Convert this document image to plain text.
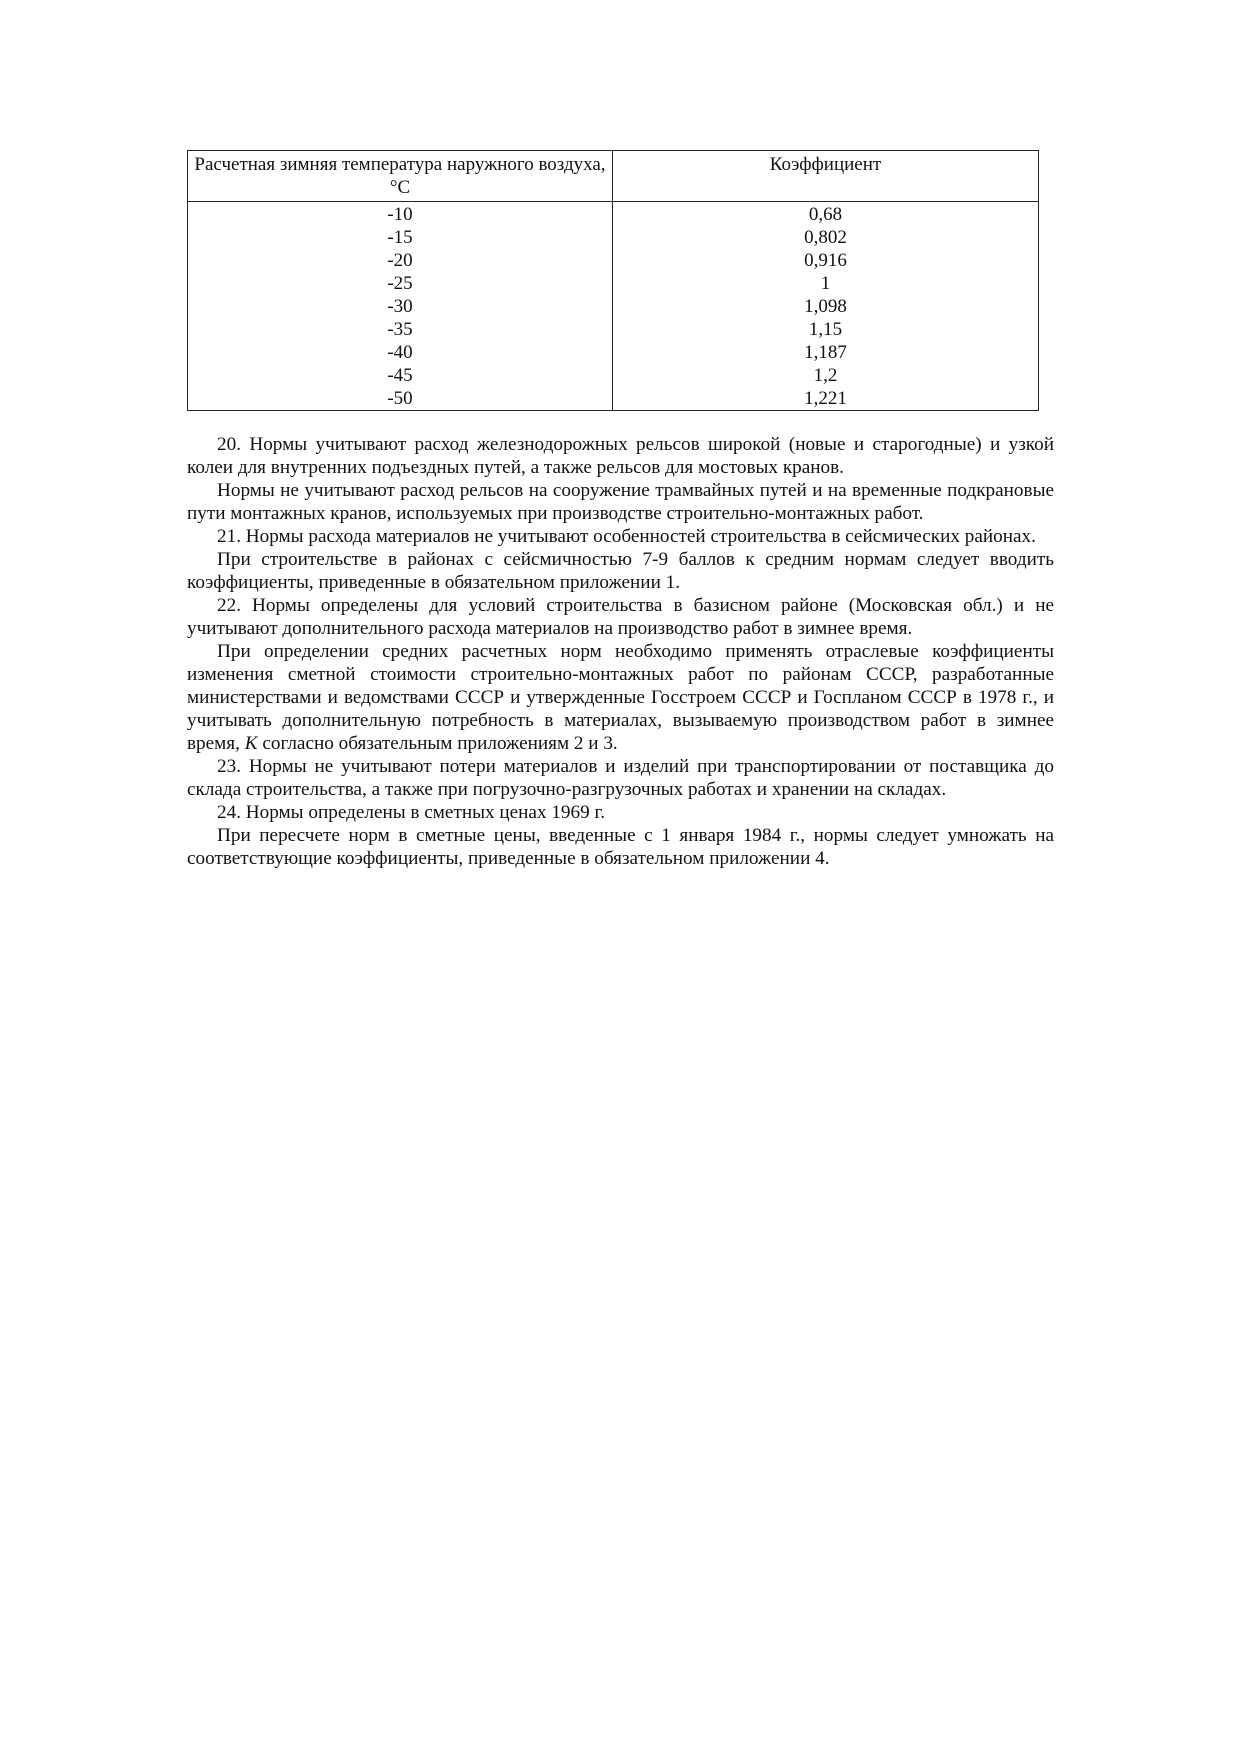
Расчетная зимняя температура наружного воздуха, °С	Коэффициент
-10	0,68
-15	0,802
-20	0,916
-25	1
-30	1,098
-35	1,15
-40	1,187
-45	1,2
-50	1,221

20. Нормы учитывают расход железнодорожных рельсов широкой (новые и старогодные) и узкой колеи для внутренних подъездных путей, а также рельсов для мостовых кранов.

Нормы не учитывают расход рельсов на сооружение трамвайных путей и на временные подкрановые пути монтажных кранов, используемых при производстве строительно-монтажных работ.

21. Нормы расхода материалов не учитывают особенностей строительства в сейсмических районах.

При строительстве в районах с сейсмичностью 7-9 баллов к средним нормам следует вводить коэффициенты, приведенные в обязательном приложении 1.

22. Нормы определены для условий строительства в базисном районе (Московская обл.) и не учитывают дополнительного расхода материалов на производство работ в зимнее время.

При определении средних расчетных норм необходимо применять отраслевые коэффициенты изменения сметной стоимости строительно-монтажных работ по районам СССР, разработанные министерствами и ведомствами СССР и утвержденные Госстроем СССР и Госпланом СССР в 1978 г., и учитывать дополнительную потребность в материалах, вызываемую производством работ в зимнее время, K согласно обязательным приложениям 2 и 3.

23. Нормы не учитывают потери материалов и изделий при транспортировании от поставщика до склада строительства, а также при погрузочно-разгрузочных работах и хранении на складах.

24. Нормы определены в сметных ценах 1969 г.

При пересчете норм в сметные цены, введенные с 1 января 1984 г., нормы следует умножать на соответствующие коэффициенты, приведенные в обязательном приложении 4.
